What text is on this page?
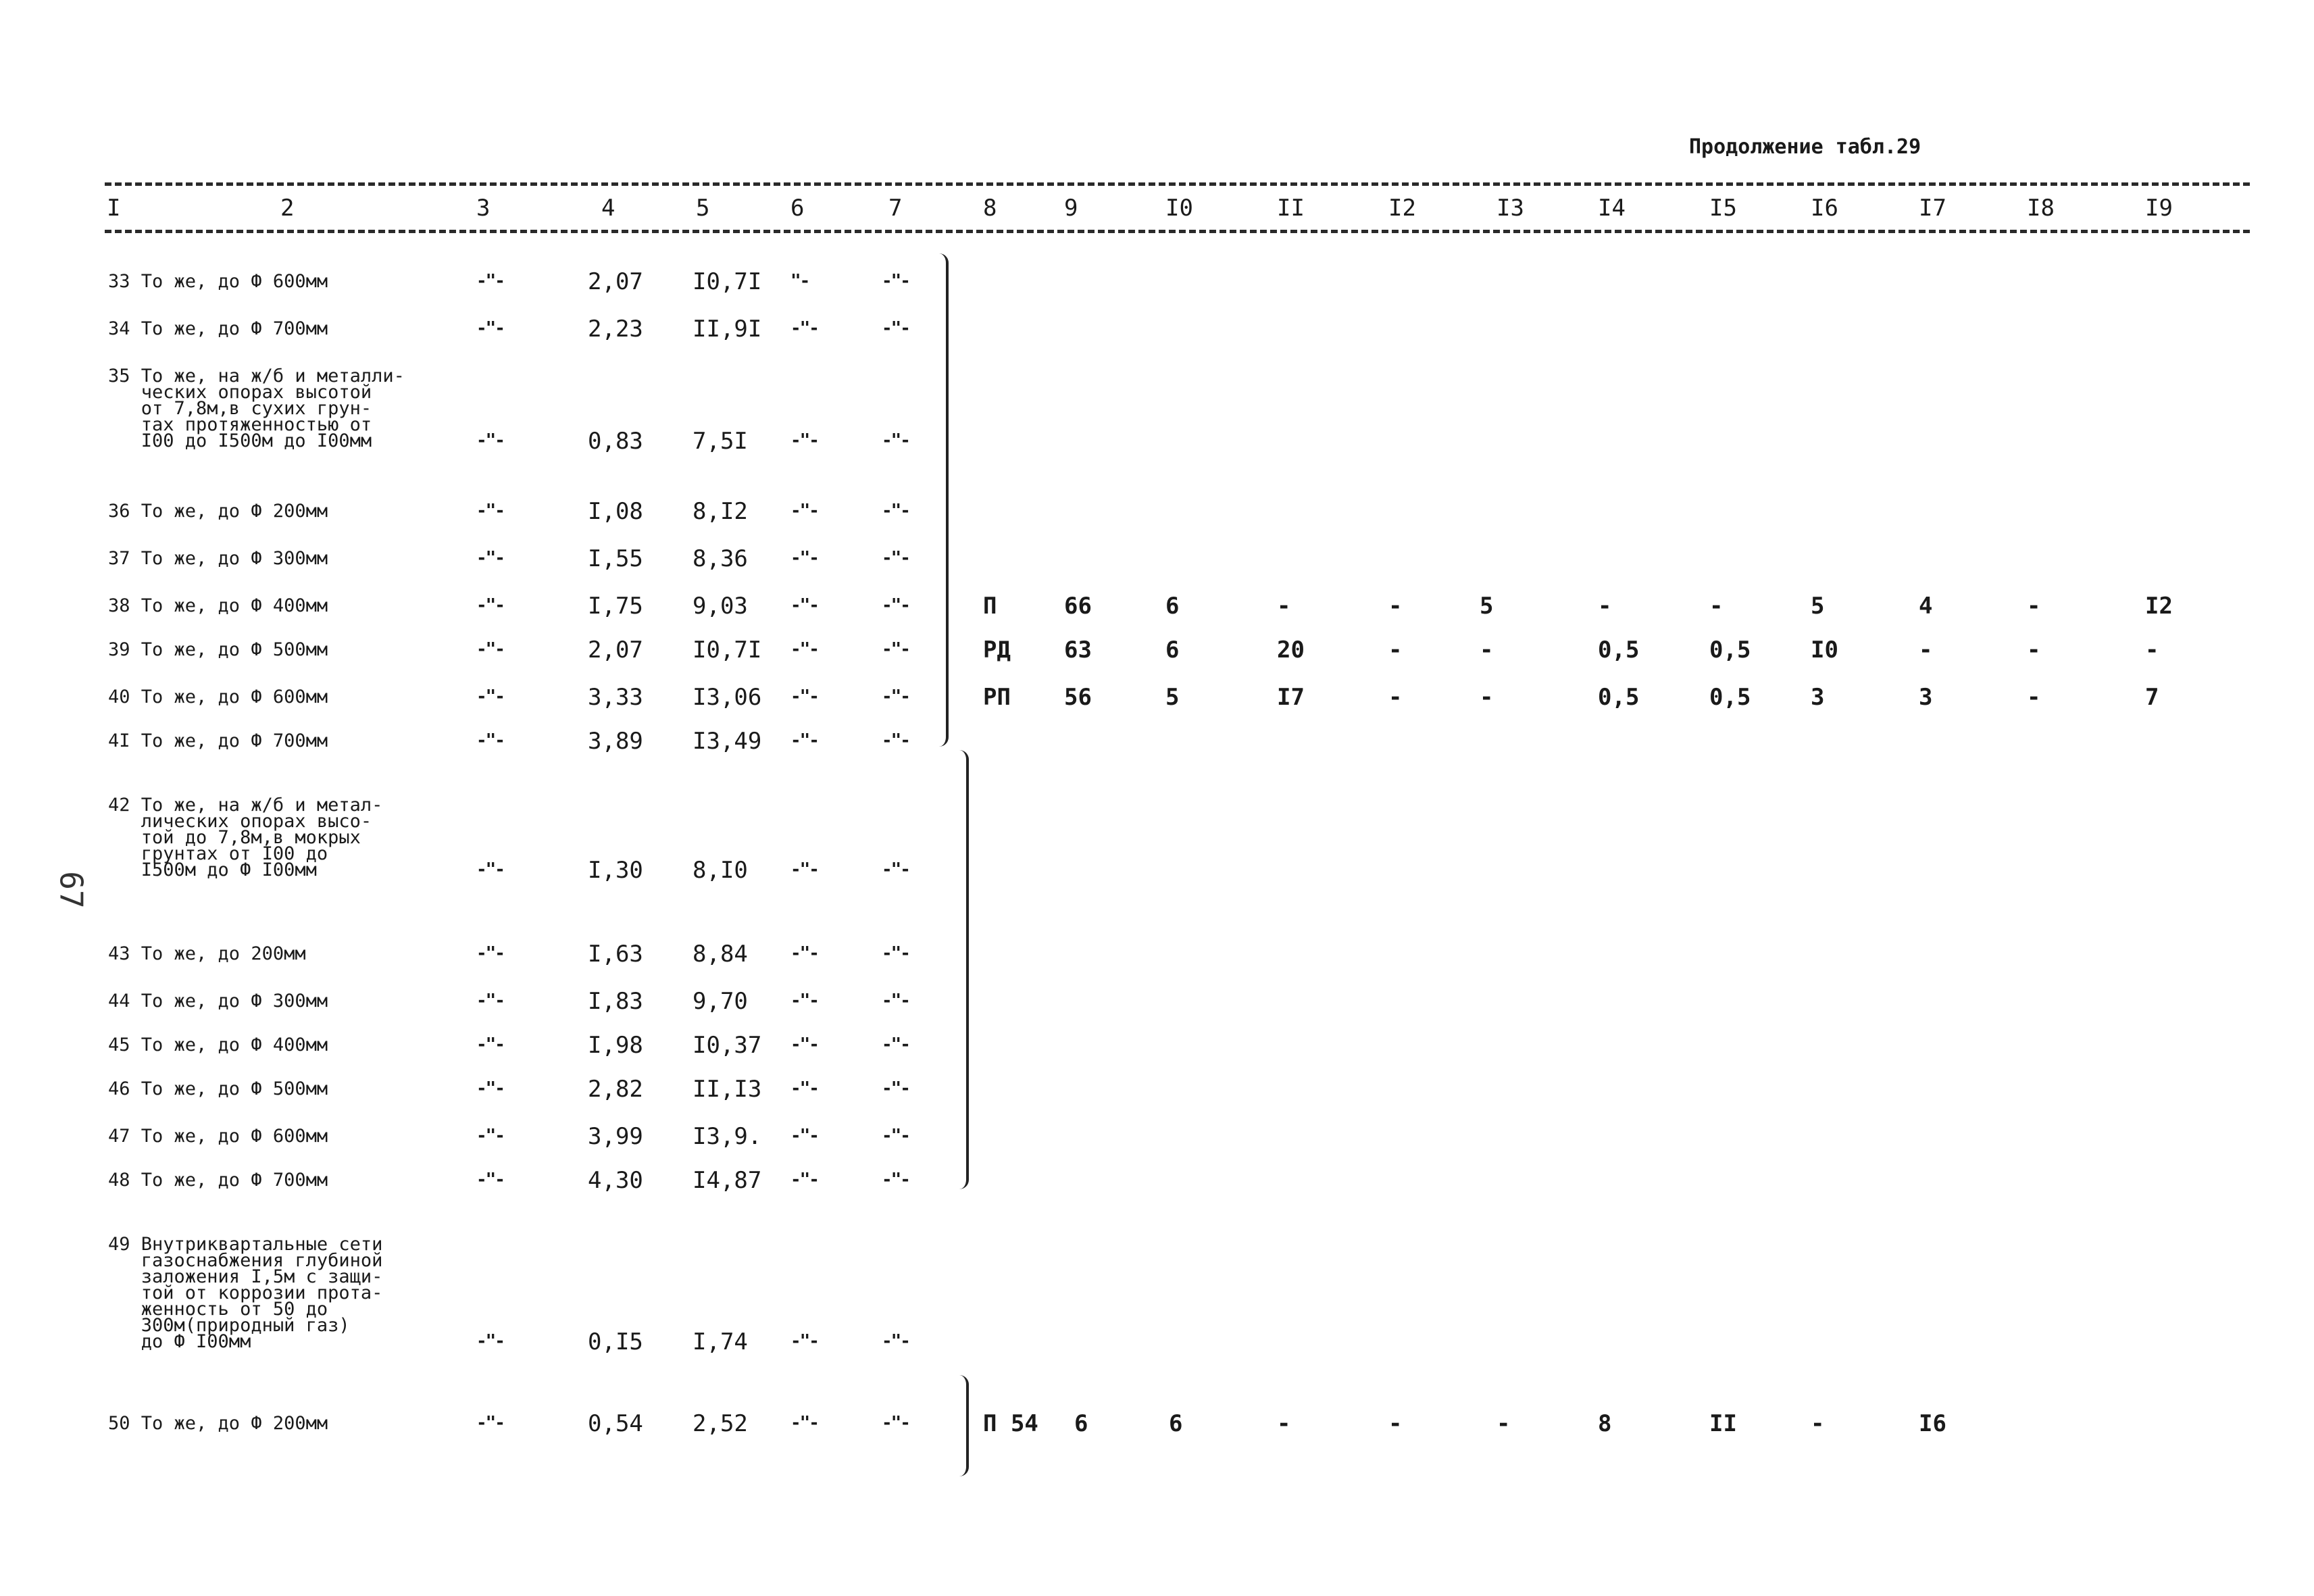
Продолжение табл.29
67
I	2	3	4	5	6	7	8	9	I0	II	I2	I3	I4	I5	I6	I7	I8	I9
33 То же, до Ф 600мм	-"-	2,07 I0,7I "-	-"-
34 То же, до Ф 700мм	-"-	2,23 II,9I -"-	-"-
35 То же, на ж/б и металли-
ческих опорах высотой
от 7,8м,в сухих грун-
тах протяженностью от
I00 до I500м до I00мм	-"-	0,83 7,5I -"-	-"-
36 То же, до Ф 200мм	-"-	I,08 8,I2 -"-	-"-
37 То же, до Ф 300мм	-"-	I,55 8,36 -"-	-"-
38 То же, до Ф 400мм	-"-	I,75 9,03 -"-	-"-	П	66	6	-	-	5	-	-	5	4	-	I2
39 То же, до Ф 500мм	-"-	2,07 I0,7I -"-	-"-	РД 63	6	20	-	-	0,5	0,5	I0	-	-	-
40 То же, до Ф 600мм	-"-	3,33 I3,06 -"-	-"-	РП 56	5	I7	-	-	0,5	0,5	3	3	-	7
4I То же, до Ф 700мм	-"-	3,89 I3,49 -"-	-"-
42 То же, на ж/б и метал-
лических опорах высо-
той до 7,8м,в мокрых
грунтах от I00 до
I500м до Ф I00мм	-"-	I,30 8,I0 -"-	-"-
43 То же, до 200мм	-"-	I,63 8,84 -"-	-"-
44 То же, до Ф 300мм	-"-	I,83 9,70 -"-	-"-
45 То же, до Ф 400мм	-"-	I,98 I0,37 -"-	-"-
46 То же, до Ф 500мм	-"-	2,82 II,I3 -"-	-"-
47 То же, до Ф 600мм	-"-	3,99 I3,9. -"-	-"-
48 То же, до Ф 700мм	-"-	4,30 I4,87 -"-	-"-
49 Внутриквартальные сети
газоснабжения глубиной
заложения I,5м с защи-
той от коррозии прота-
женность от 50 до
300м(природный газ)
до Ф I00мм	-"-	0,I5 I,74 -"-	-"-
50 То же, до Ф 200мм	-"-	0,54 2,52 -"-	-"-	П 54 6	6	-	-	-	8	II	-	I6
